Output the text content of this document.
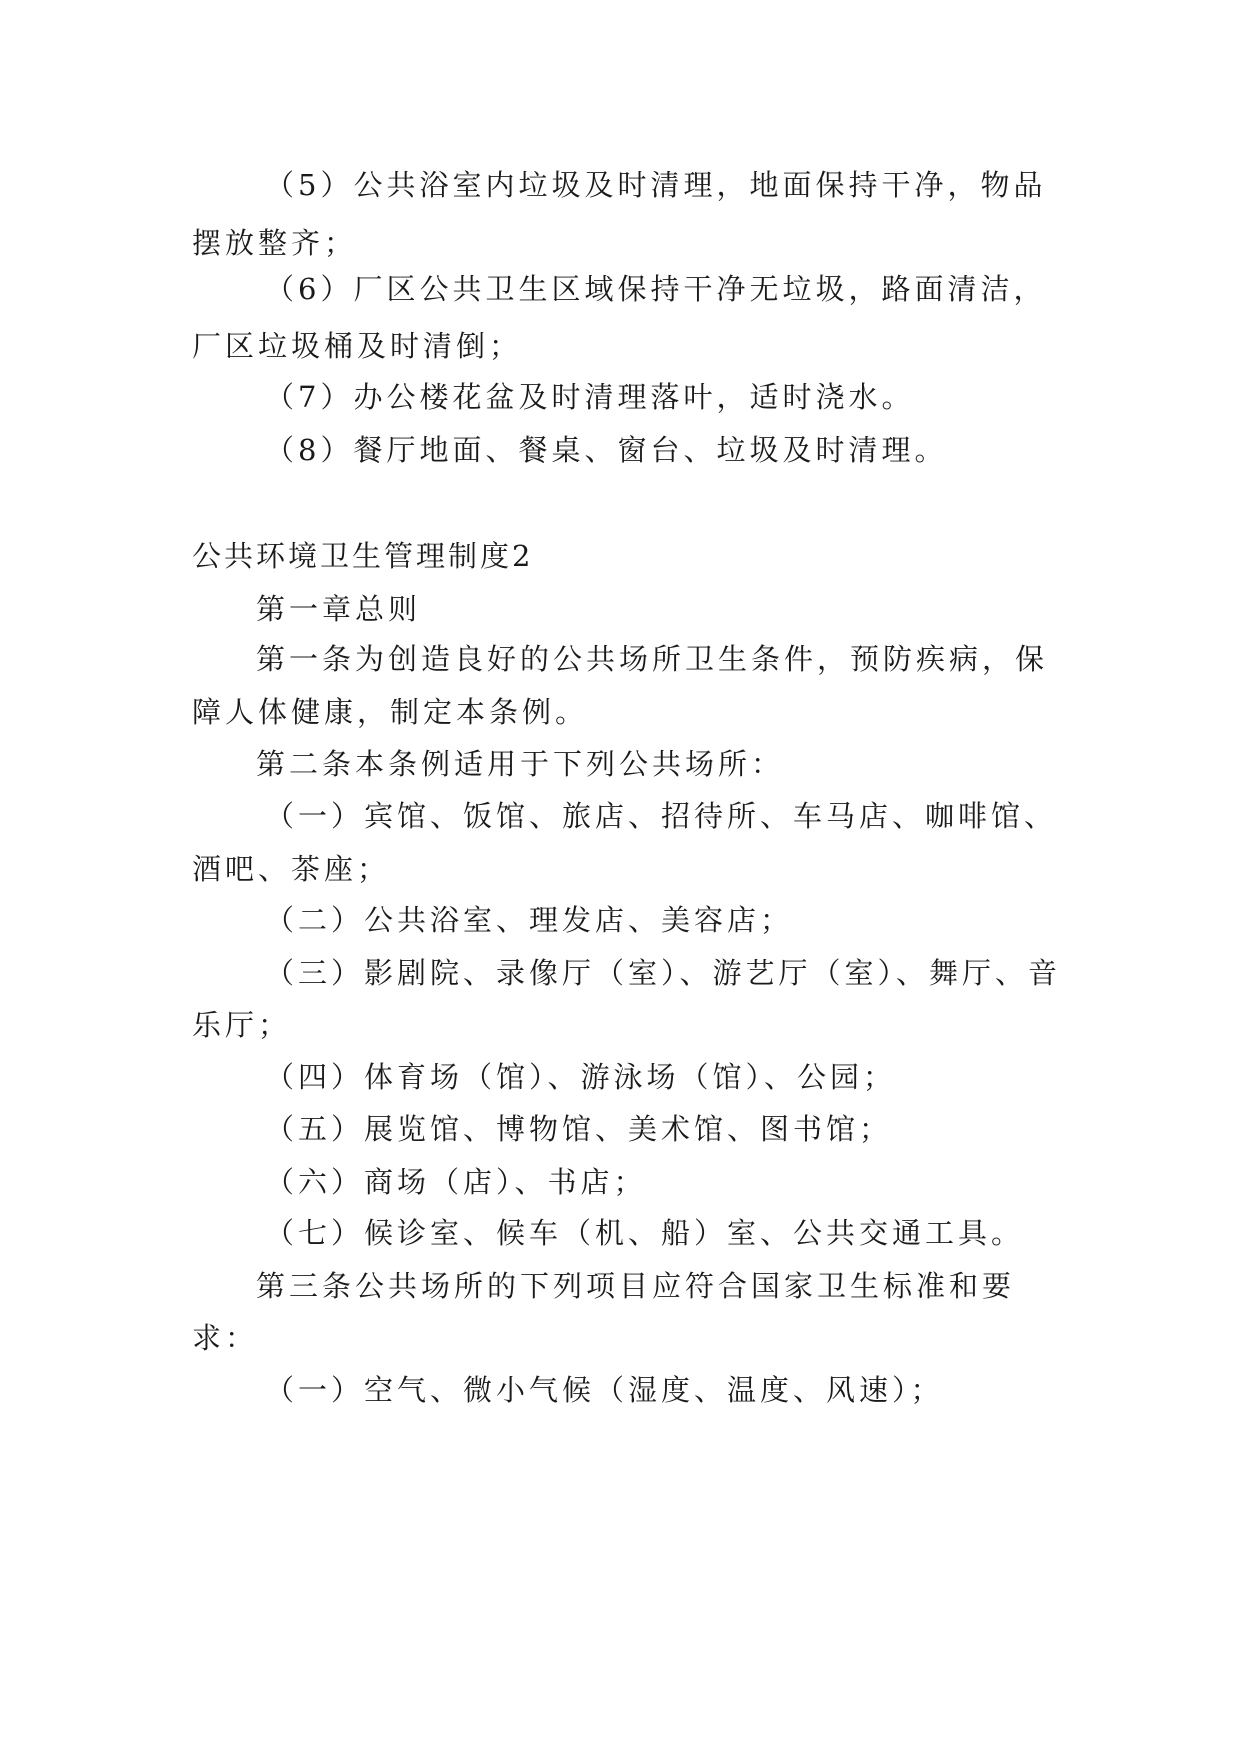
（5）公共浴室内垃圾及时清理，地面保持干净，物品
摆放整齐；
（6）厂区公共卫生区域保持干净无垃圾，路面清洁，
厂区垃圾桶及时清倒；
（7）办公楼花盆及时清理落叶，适时浇水。
（8）餐厅地面、餐桌、窗台、垃圾及时清理。
公共环境卫生管理制度2
第一章总则
第一条为创造良好的公共场所卫生条件，预防疾病，保
障人体健康，制定本条例。
第二条本条例适用于下列公共场所：
（一）宾馆、饭馆、旅店、招待所、车马店、咖啡馆、
酒吧、茶座；
（二）公共浴室、理发店、美容店；
（三）影剧院、录像厅（室）、游艺厅（室）、舞厅、音
乐厅；
（四）体育场（馆）、游泳场（馆）、公园；
（五）展览馆、博物馆、美术馆、图书馆；
（六）商场（店）、书店；
（七）候诊室、候车（机、船）室、公共交通工具。
第三条公共场所的下列项目应符合国家卫生标准和要
求：
（一）空气、微小气候（湿度、温度、风速）；
